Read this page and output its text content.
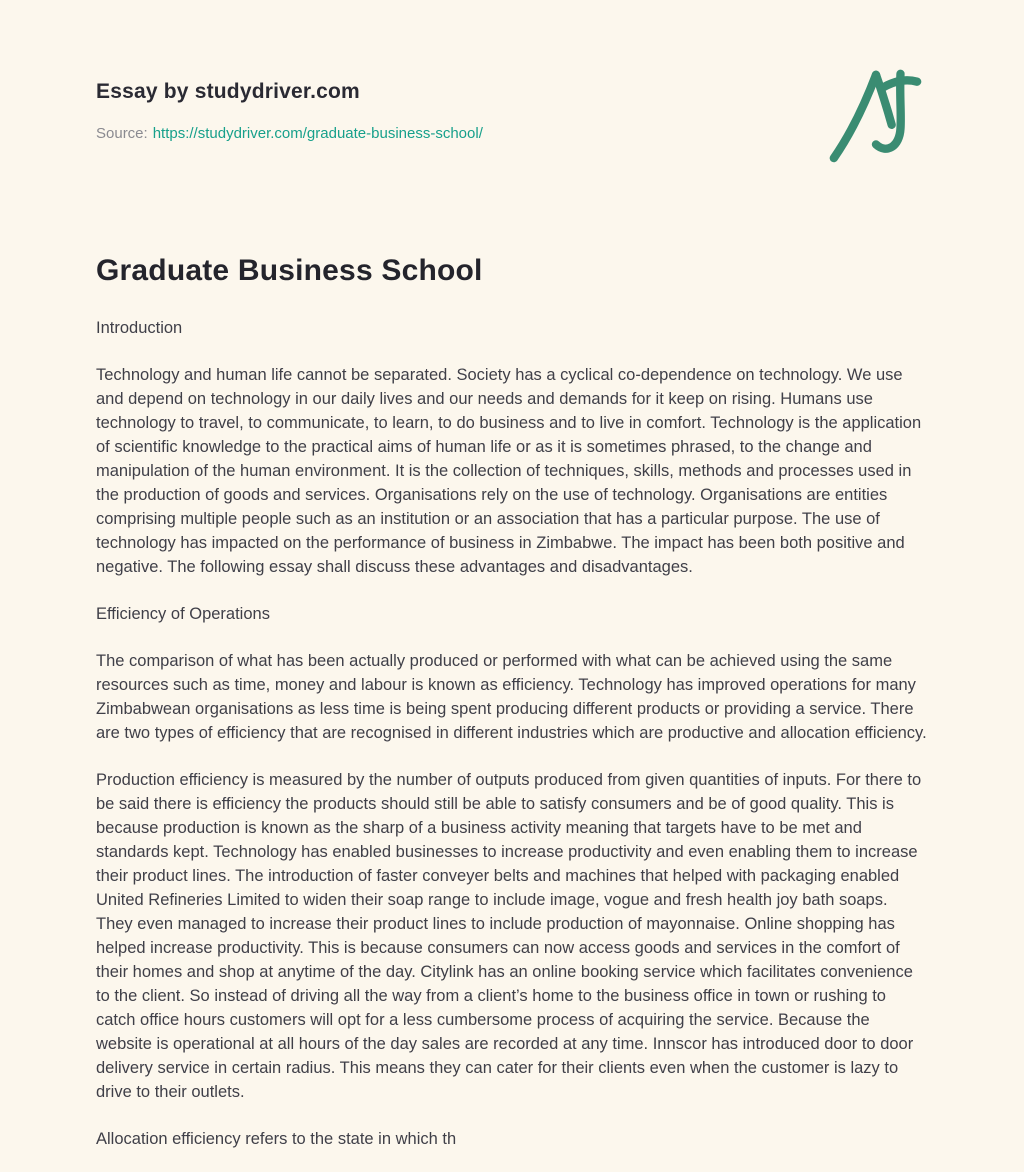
Essay by studydriver.com

Source: https://studydriver.com/graduate-business-school/

Graduate Business School

Introduction

Technology and human life cannot be separated. Society has a cyclical co-dependence on technology. We use and depend on technology in our daily lives and our needs and demands for it keep on rising. Humans use technology to travel, to communicate, to learn, to do business and to live in comfort. Technology is the application of scientific knowledge to the practical aims of human life or as it is sometimes phrased, to the change and manipulation of the human environment. It is the collection of techniques, skills, methods and processes used in the production of goods and services. Organisations rely on the use of technology. Organisations are entities comprising multiple people such as an institution or an association that has a particular purpose. The use of technology has impacted on the performance of business in Zimbabwe. The impact has been both positive and negative. The following essay shall discuss these advantages and disadvantages.

Efficiency of Operations

The comparison of what has been actually produced or performed with what can be achieved using the same resources such as time, money and labour is known as efficiency. Technology has improved operations for many Zimbabwean organisations as less time is being spent producing different products or providing a service. There are two types of efficiency that are recognised in different industries which are productive and allocation efficiency.

Production efficiency is measured by the number of outputs produced from given quantities of inputs. For there to be said there is efficiency the products should still be able to satisfy consumers and be of good quality. This is because production is known as the sharp of a business activity meaning that targets have to be met and standards kept. Technology has enabled businesses to increase productivity and even enabling them to increase their product lines. The introduction of faster conveyer belts and machines that helped with packaging enabled United Refineries Limited to widen their soap range to include image, vogue and fresh health joy bath soaps. They even managed to increase their product lines to include production of mayonnaise. Online shopping has helped increase productivity. This is because consumers can now access goods and services in the comfort of their homes and shop at anytime of the day. Citylink has an online booking service which facilitates convenience to the client. So instead of driving all the way from a client’s home to the business office in town or rushing to catch office hours customers will opt for a less cumbersome process of acquiring the service. Because the website is operational at all hours of the day sales are recorded at any time. Innscor has introduced door to door delivery service in certain radius. This means they can cater for their clients even when the customer is lazy to drive to their outlets.

Allocation efficiency refers to the state in which th
